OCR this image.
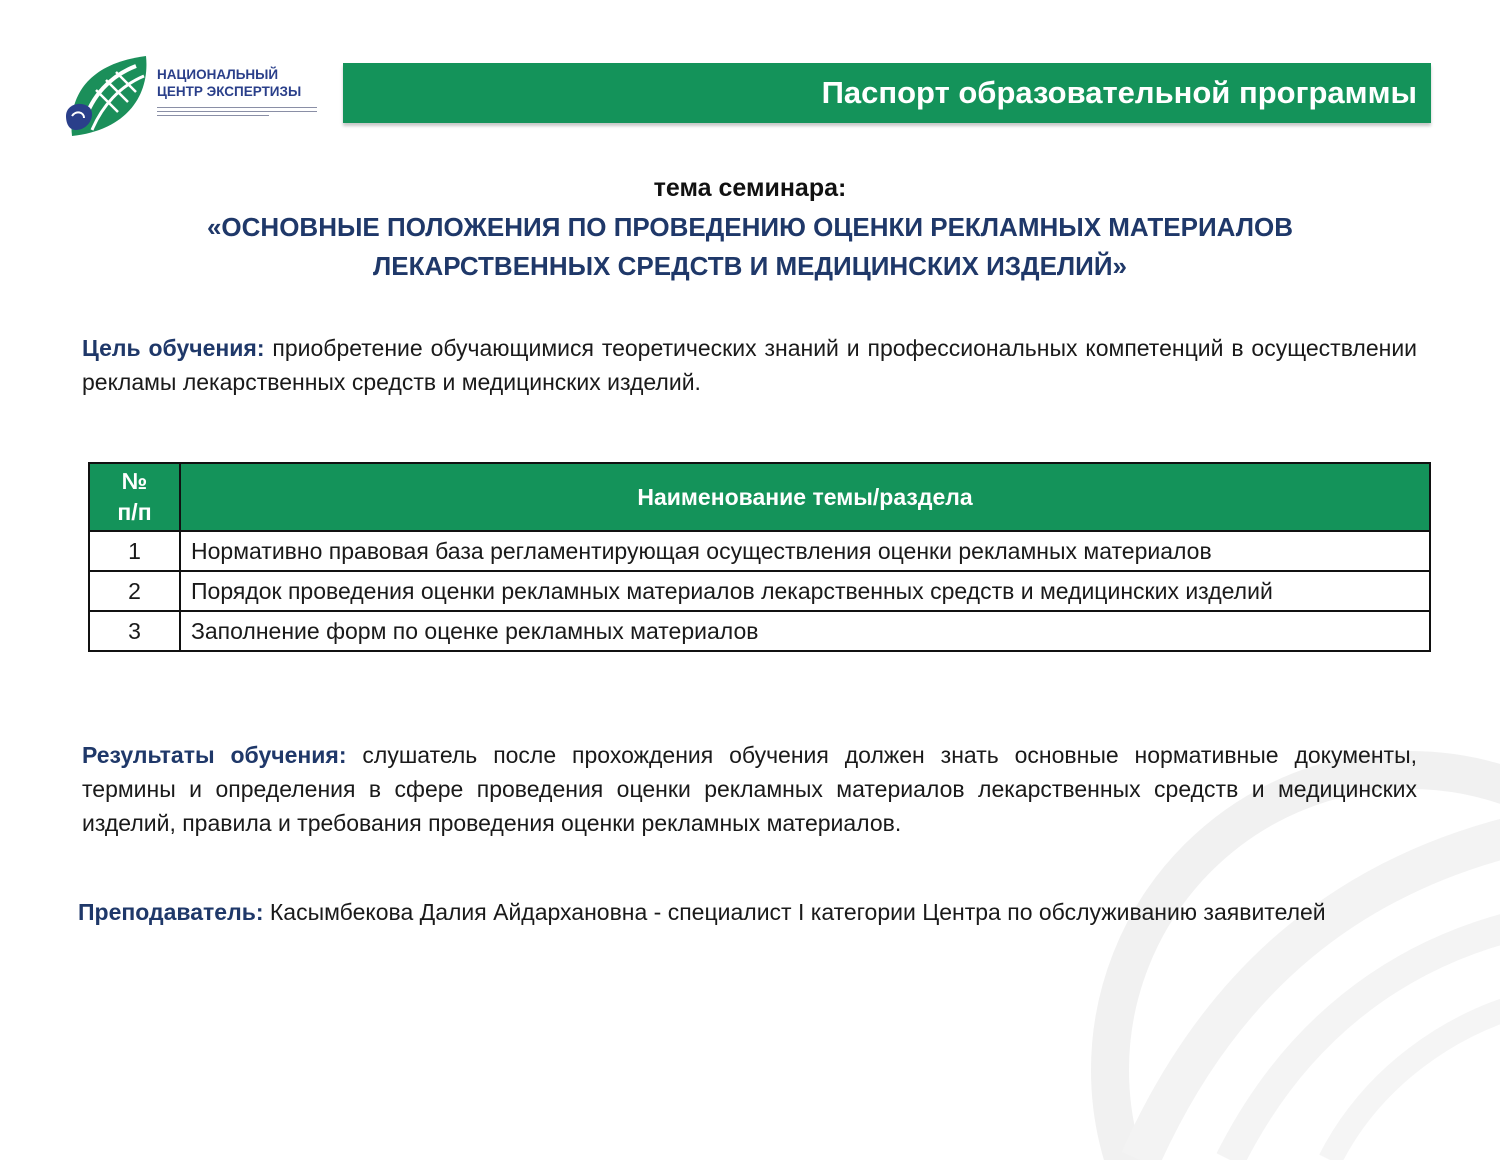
НАЦИОНАЛЬНЫЙ
ЦЕНТР ЭКСПЕРТИЗЫ	Паспорт образовательной программы
тема семинара:
«ОСНОВНЫЕ ПОЛОЖЕНИЯ ПО ПРОВЕДЕНИЮ ОЦЕНКИ РЕКЛАМНЫХ МАТЕРИАЛОВ
ЛЕКАРСТВЕННЫХ СРЕДСТВ И МЕДИЦИНСКИХ ИЗДЕЛИЙ»
Цель обучения: приобретение обучающимися теоретических знаний и профессиональных компетенций в осуществлении рекламы лекарственных средств и медицинских изделий.
№
п/п	Наименование темы/раздела
1	Нормативно правовая база регламентирующая осуществления оценки рекламных материалов
2	Порядок проведения оценки рекламных материалов лекарственных средств и медицинских изделий
3	Заполнение форм по оценке рекламных материалов
Результаты обучения: слушатель после прохождения обучения должен знать основные нормативные документы, термины и определения в сфере проведения оценки рекламных материалов лекарственных средств и медицинских изделий, правила и требования проведения оценки рекламных материалов.
Преподаватель: Касымбекова Далия Айдархановна - специалист I категории Центра по обслуживанию заявителей
